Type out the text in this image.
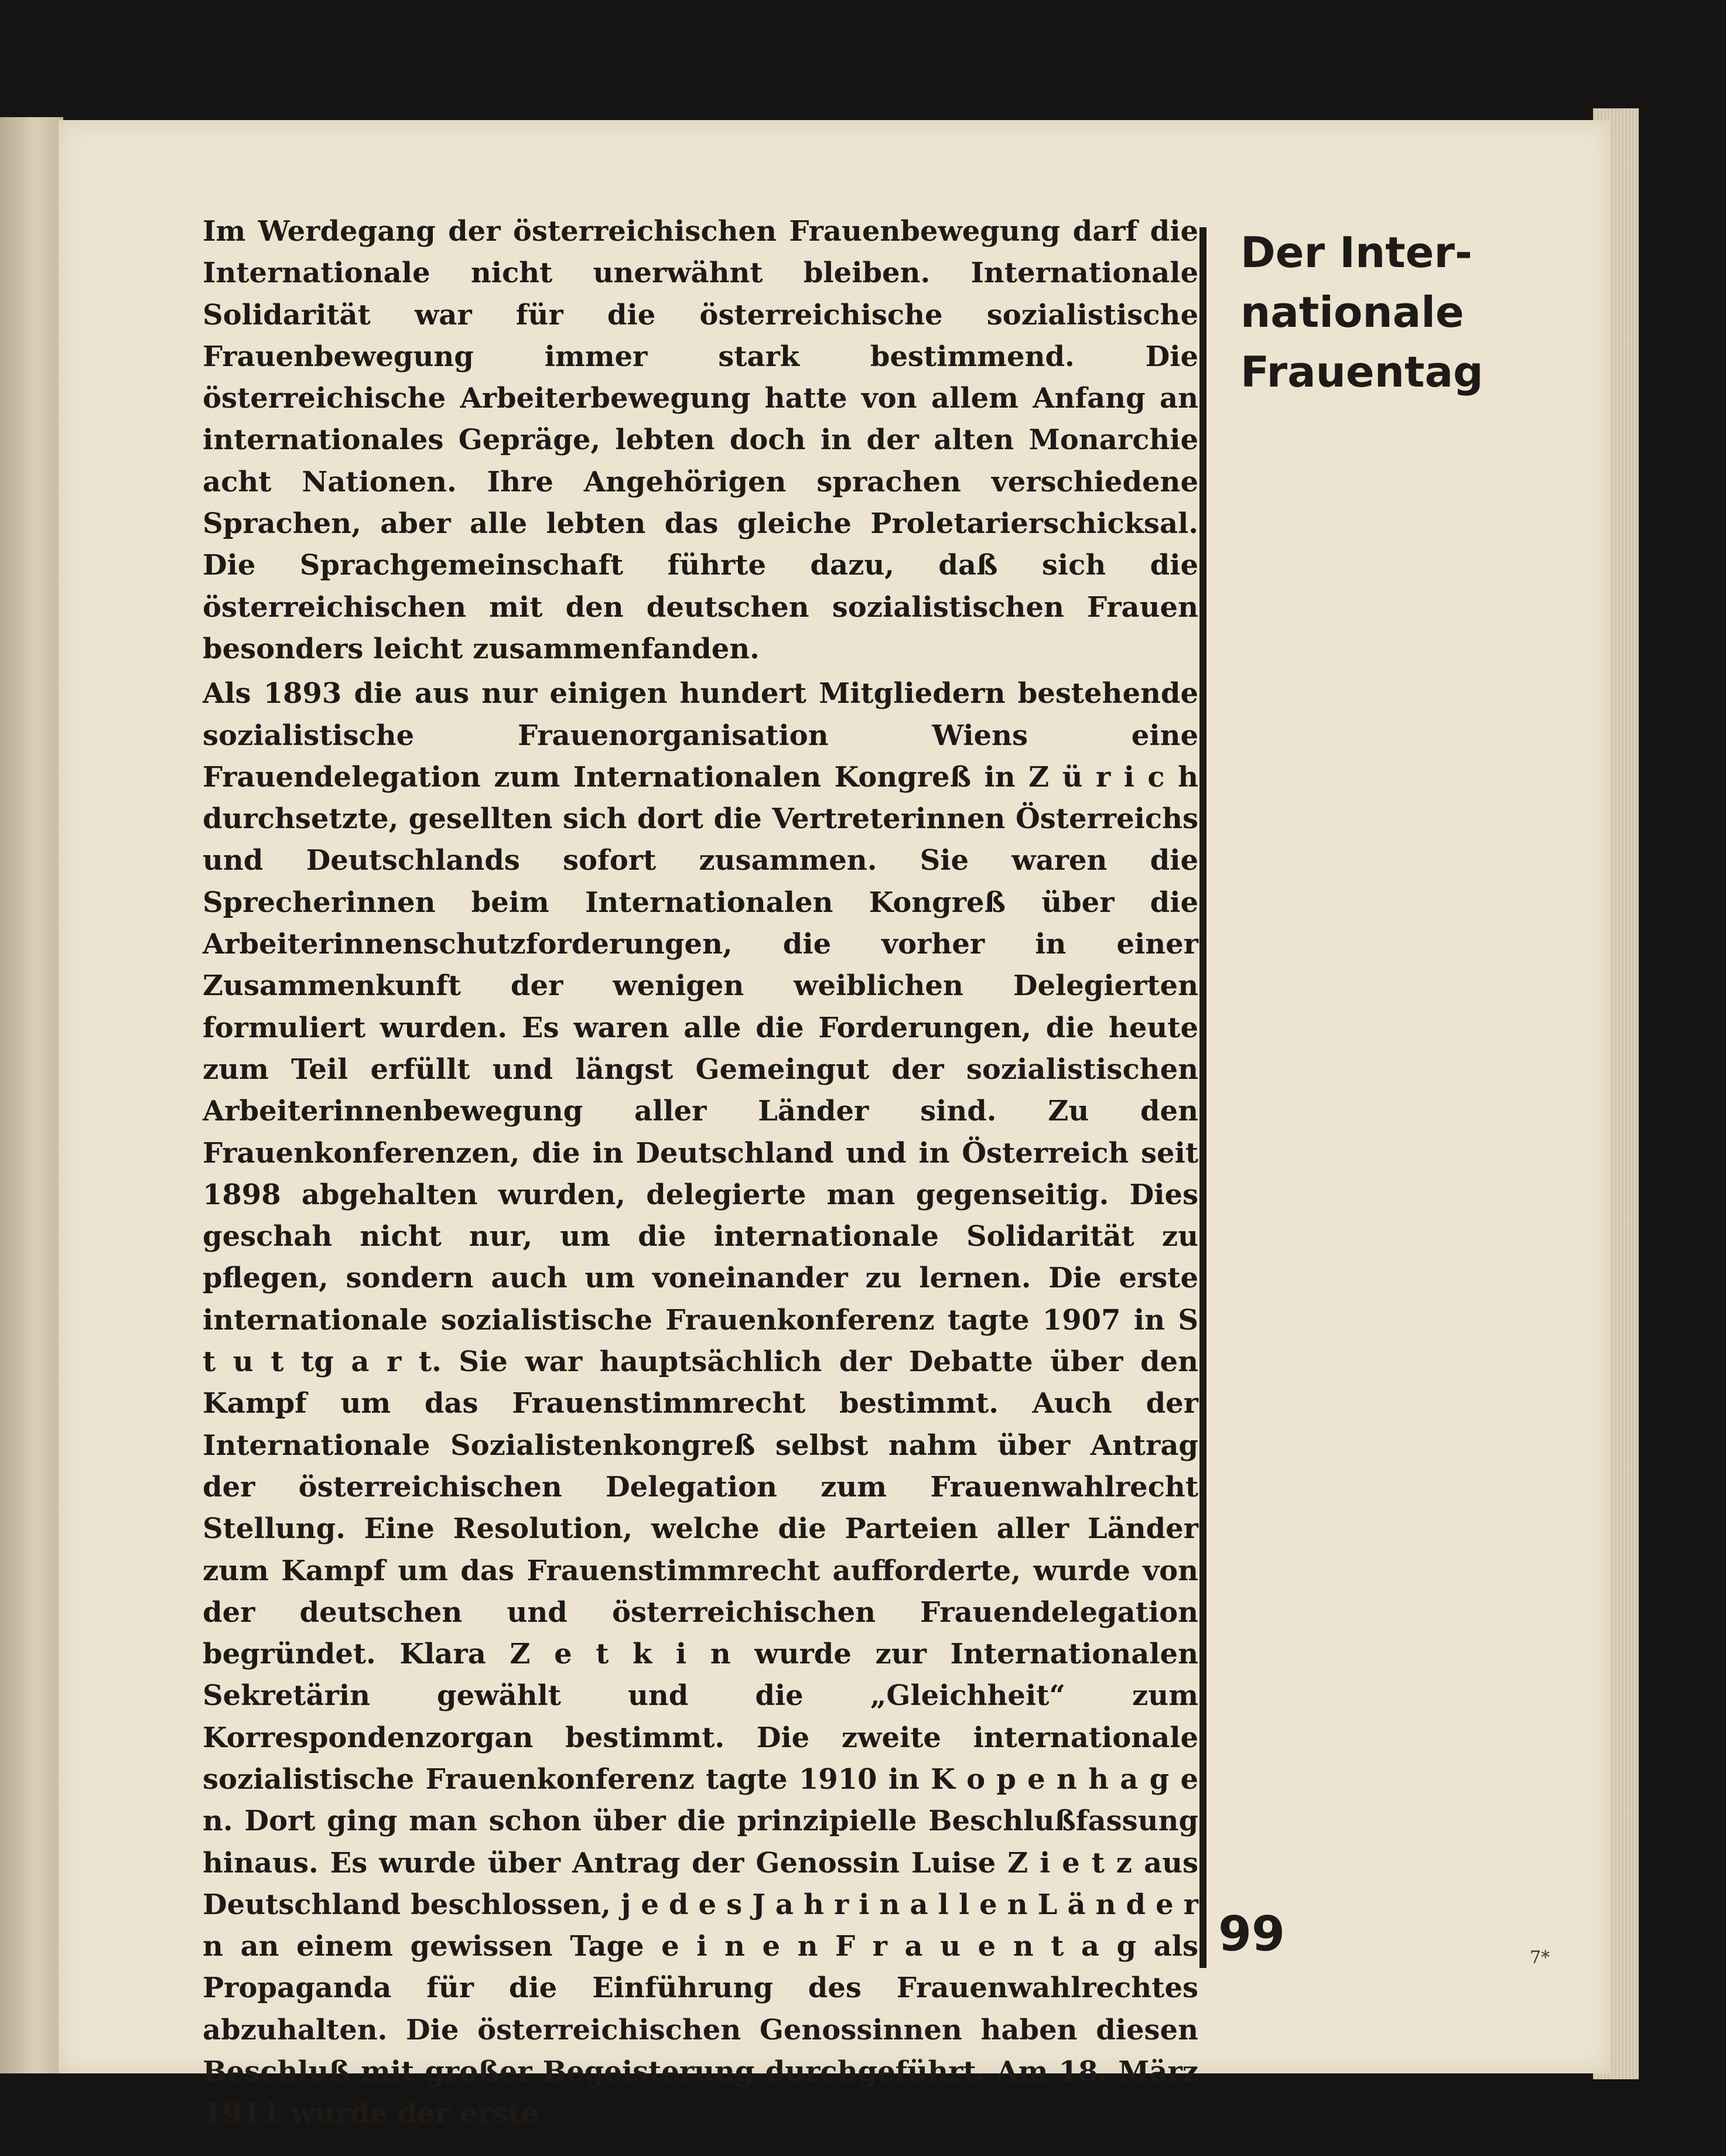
Im Werdegang der österreichischen Frauenbewegung darf die Internationale nicht unerwähnt bleiben. Internationale Solidarität war für die österreichische sozialistische Frauenbewegung immer stark bestimmend. Die österreichische Arbeiterbewegung hatte von allem Anfang an internationales Gepräge, lebten doch in der alten Monarchie acht Nationen. Ihre Angehörigen sprachen verschiedene Sprachen, aber alle lebten das gleiche Proletarierschicksal. Die Sprachgemeinschaft führte dazu, daß sich die österreichischen mit den deutschen sozialistischen Frauen besonders leicht zusammenfanden.

Als 1893 die aus nur einigen hundert Mitgliedern bestehende sozialistische Frauenorganisation Wiens eine Frauendelegation zum Internationalen Kongreß in Z ü r i c h durchsetzte, gesellten sich dort die Vertreterinnen Österreichs und Deutschlands sofort zusammen. Sie waren die Sprecherinnen beim Internationalen Kongreß über die Arbeiterinnenschutzforderungen, die vorher in einer Zusammenkunft der wenigen weiblichen Delegierten formuliert wurden. Es waren alle die Forderungen, die heute zum Teil erfüllt und längst Gemeingut der sozialistischen Arbeiterinnenbewegung aller Länder sind. Zu den Frauenkonferenzen, die in Deutschland und in Österreich seit 1898 abgehalten wurden, delegierte man gegenseitig. Dies geschah nicht nur, um die internationale Solidarität zu pflegen, sondern auch um voneinander zu lernen. Die erste internationale sozialistische Frauenkonferenz tagte 1907 in S t u t tg a r t. Sie war hauptsächlich der Debatte über den Kampf um das Frauenstimmrecht bestimmt. Auch der Internationale Sozialistenkongreß selbst nahm über Antrag der österreichischen Delegation zum Frauenwahlrecht Stellung. Eine Resolution, welche die Parteien aller Länder zum Kampf um das Frauenstimmrecht aufforderte, wurde von der deutschen und österreichischen Frauendelegation begründet. Klara Z e t k i n wurde zur Internationalen Sekretärin gewählt und die „Gleichheit“ zum Korrespondenzorgan bestimmt. Die zweite internationale sozialistische Frauenkonferenz tagte 1910 in K o p e n h a g e n. Dort ging man schon über die prinzipielle Beschlußfassung hinaus. Es wurde über Antrag der Genossin Luise Z i e t z aus Deutschland beschlossen, j e d e s J a h r i n a l l e n L ä n d e r n an einem gewissen Tage e i n e n F r a u e n t a g als Propaganda für die Einführung des Frauenwahlrechtes abzuhalten. Die österreichischen Genossinnen haben diesen Beschluß mit großer Begeisterung durchgeführt. Am 18. März 1911 wurde der erste

Der Inter-
nationale
Frauentag
99	7*
